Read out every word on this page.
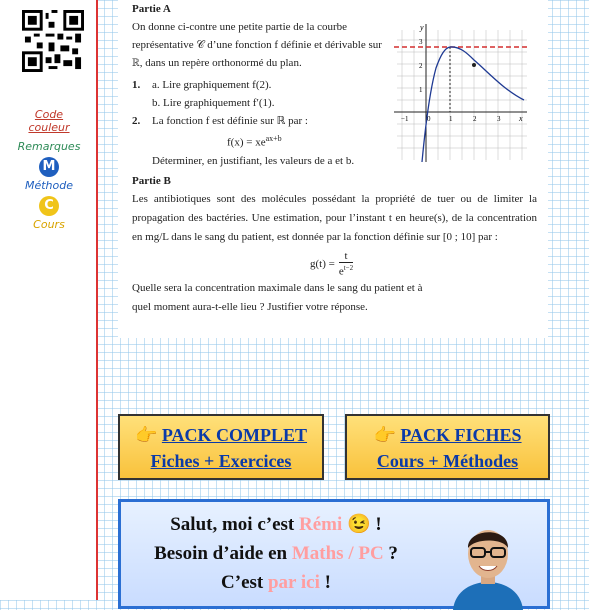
Code couleur
Remarques
M
Méthode
C
Cours
Partie A

On donne ci-contre une petite partie de la courbe représentative 𝒞 d’une fonction f définie et dérivable sur ℝ, dans un repère orthonormé du plan.

1.	a. Lire graphiquement f(2).
b. Lire graphiquement f′(1).
2.	La fonction f est définie sur ℝ par :
$f(x) = xe^{ax+b}$
Déterminer, en justifiant, les valeurs de a et b.
Partie B

Les antibiotiques sont des molécules possédant la propriété de tuer ou de limiter la propagation des bactéries. Une estimation, pour l’instant t en heure(s), de la concentration en mg/L dans le sang du patient, est donnée par la fonction définie sur [0 ; 10] par :

$g(t) = \frac{t}{e^{t-2}}$

Quelle sera la concentration maximale dans le sang du patient et à quel moment aura-t-elle lieu ? Justifier votre réponse.

y
x
−1	0	1	2	3
3
2
1
👉 PACK COMPLET
Fiches + Exercices
👉 PACK FICHES
Cours + Méthodes
Salut, moi c’est Rémi 😉 !
Besoin d’aide en Maths / PC ?
C’est par ici !
